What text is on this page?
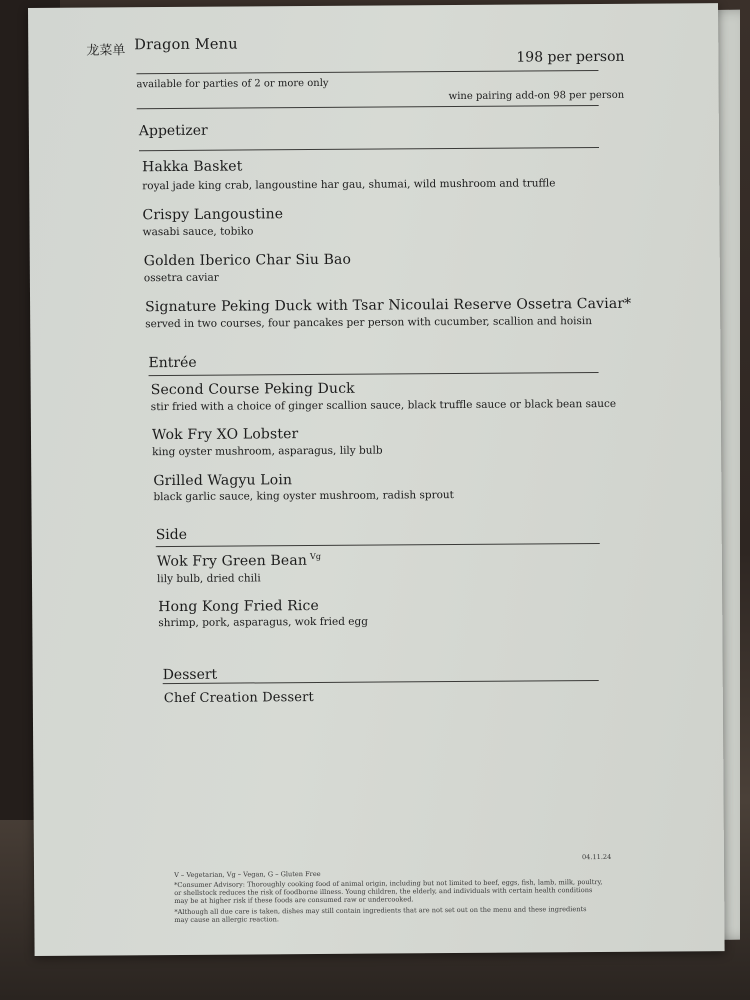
龙菜单 Dragon Menu
198 per person
available for parties of 2 or more only
wine pairing add-on 98 per person
Appetizer
Hakka Basket
royal jade king crab, langoustine har gau, shumai, wild mushroom and truffle
Crispy Langoustine
wasabi sauce, tobiko
Golden Iberico Char Siu Bao
ossetra caviar
Signature Peking Duck with Tsar Nicoulai Reserve Ossetra Caviar*
served in two courses, four pancakes per person with cucumber, scallion and hoisin
Entrée
Second Course Peking Duck
stir fried with a choice of ginger scallion sauce, black truffle sauce or black bean sauce
Wok Fry XO Lobster
king oyster mushroom, asparagus, lily bulb
Grilled Wagyu Loin
black garlic sauce, king oyster mushroom, radish sprout
Side
Wok Fry Green Bean $^{Vg}$
lily bulb, dried chili
Hong Kong Fried Rice
shrimp, pork, asparagus, wok fried egg
Dessert
Chef Creation Dessert
04.11.24
V – Vegetarian, Vg – Vegan, G – Gluten Free
*Consumer Advisory: Thoroughly cooking food of animal origin, including but not limited to beef, eggs, fish, lamb, milk, poultry,
or shellstock reduces the risk of foodborne illness. Young children, the elderly, and individuals with certain health conditions
may be at higher risk if these foods are consumed raw or undercooked.
*Although all due care is taken, dishes may still contain ingredients that are not set out on the menu and these ingredients
may cause an allergic reaction.
